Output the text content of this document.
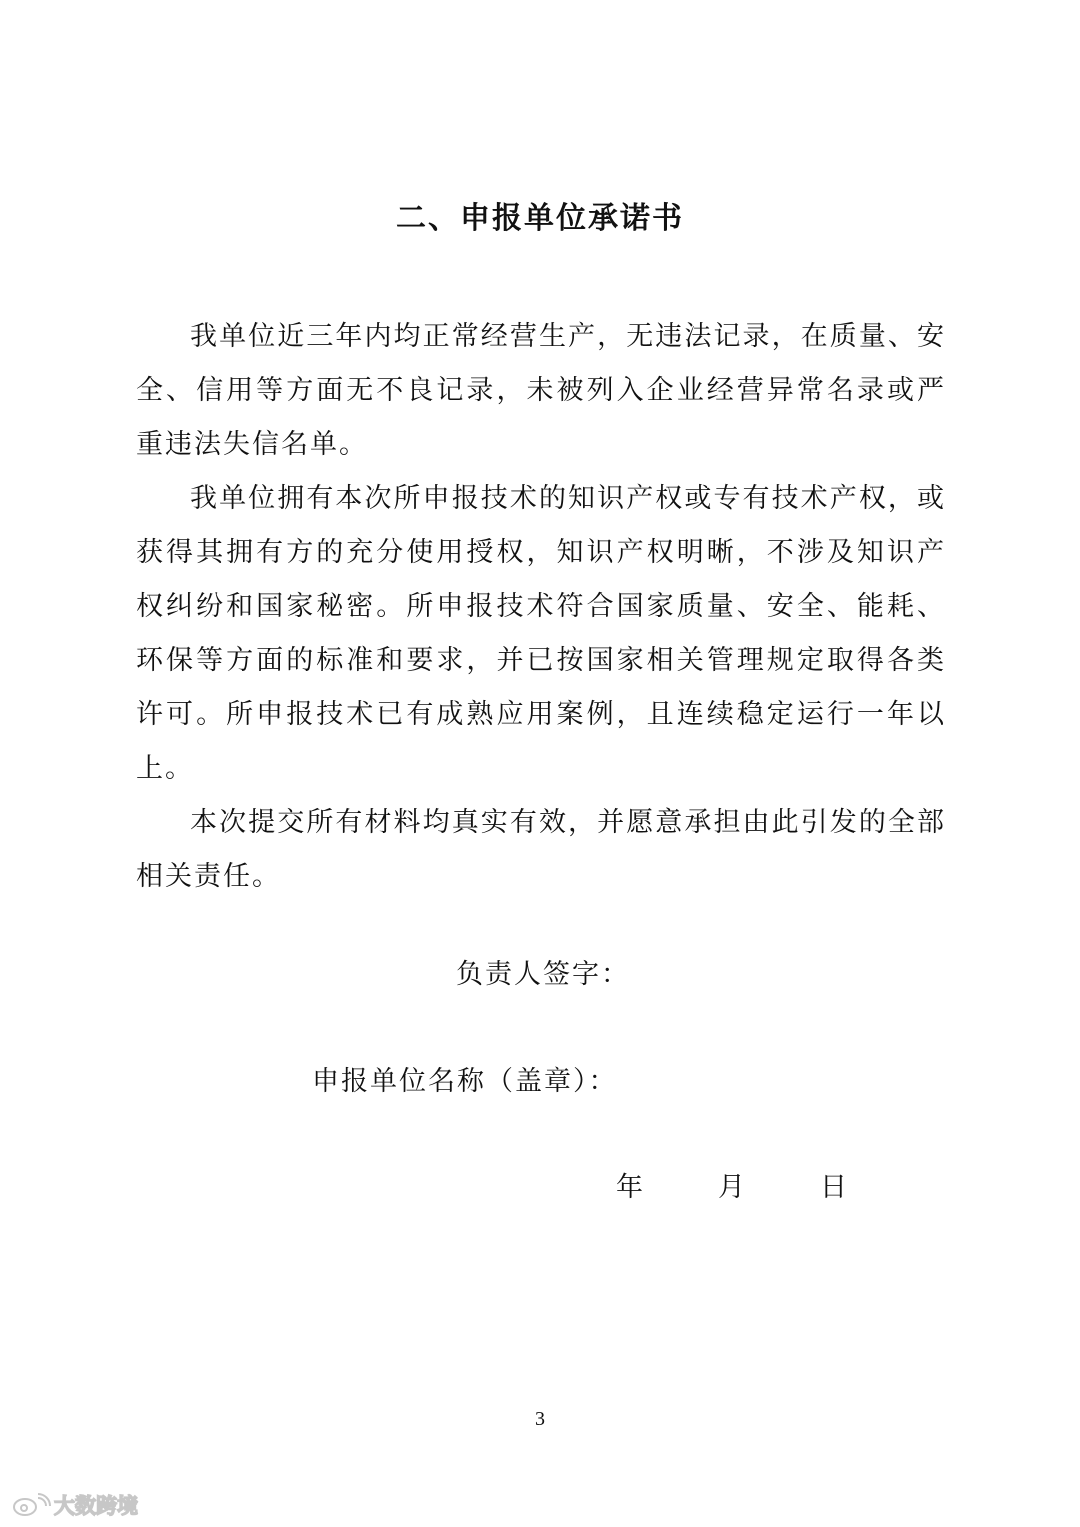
二、申报单位承诺书

我单位近三年内均正常经营生产，无违法记录，在质量、安全、信用等方面无不良记录，未被列入企业经营异常名录或严重违法失信名单。

我单位拥有本次所申报技术的知识产权或专有技术产权，或获得其拥有方的充分使用授权，知识产权明晰，不涉及知识产权纠纷和国家秘密。所申报技术符合国家质量、安全、能耗、环保等方面的标准和要求，并已按国家相关管理规定取得各类许可。所申报技术已有成熟应用案例，且连续稳定运行一年以上。

本次提交所有材料均真实有效，并愿意承担由此引发的全部相关责任。

负责人签字：
申报单位名称（盖章）：
年	月	日
3
大数跨境
